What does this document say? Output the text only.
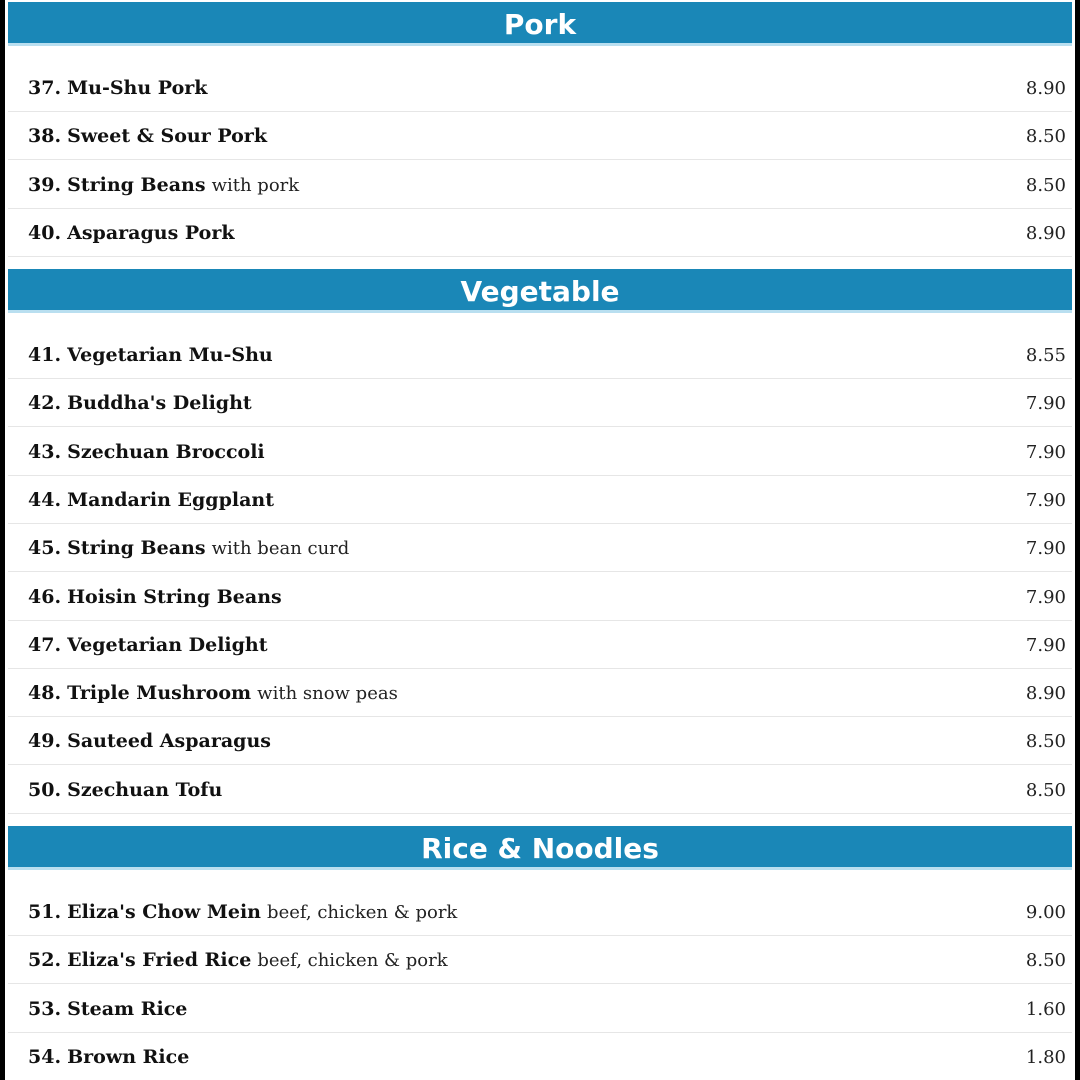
Pork
37. Mu-Shu Pork	8.90
38. Sweet & Sour Pork	8.50
39. String Beans with pork	8.50
40. Asparagus Pork	8.90
Vegetable
41. Vegetarian Mu-Shu	8.55
42. Buddha's Delight	7.90
43. Szechuan Broccoli	7.90
44. Mandarin Eggplant	7.90
45. String Beans with bean curd	7.90
46. Hoisin String Beans	7.90
47. Vegetarian Delight	7.90
48. Triple Mushroom with snow peas	8.90
49. Sauteed Asparagus	8.50
50. Szechuan Tofu	8.50
Rice & Noodles
51. Eliza's Chow Mein beef, chicken & pork	9.00
52. Eliza's Fried Rice beef, chicken & pork	8.50
53. Steam Rice	1.60
54. Brown Rice	1.80
